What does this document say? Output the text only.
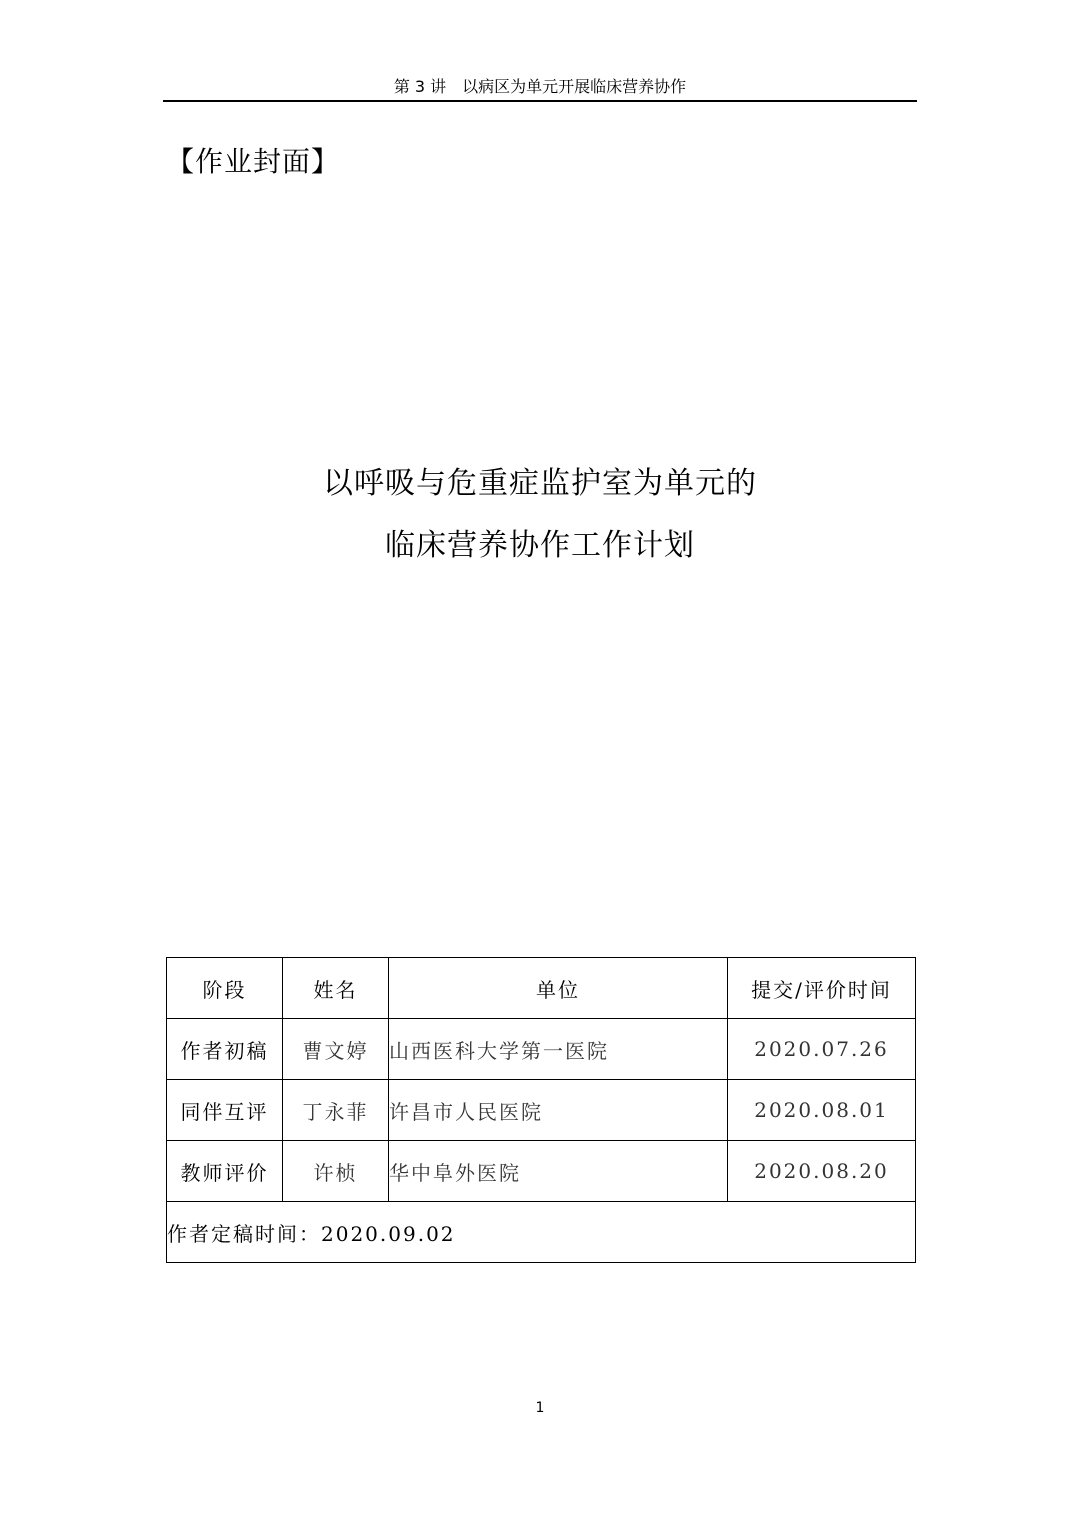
第 3 讲　以病区为单元开展临床营养协作
【作业封面】
以呼吸与危重症监护室为单元的
临床营养协作工作计划
阶段	姓名	单位	提交/评价时间
作者初稿	曹文婷	山西医科大学第一医院	2020.07.26
同伴互评	丁永菲	许昌市人民医院	2020.08.01
教师评价	许桢	华中阜外医院	2020.08.20
作者定稿时间：2020.09.02			
1
